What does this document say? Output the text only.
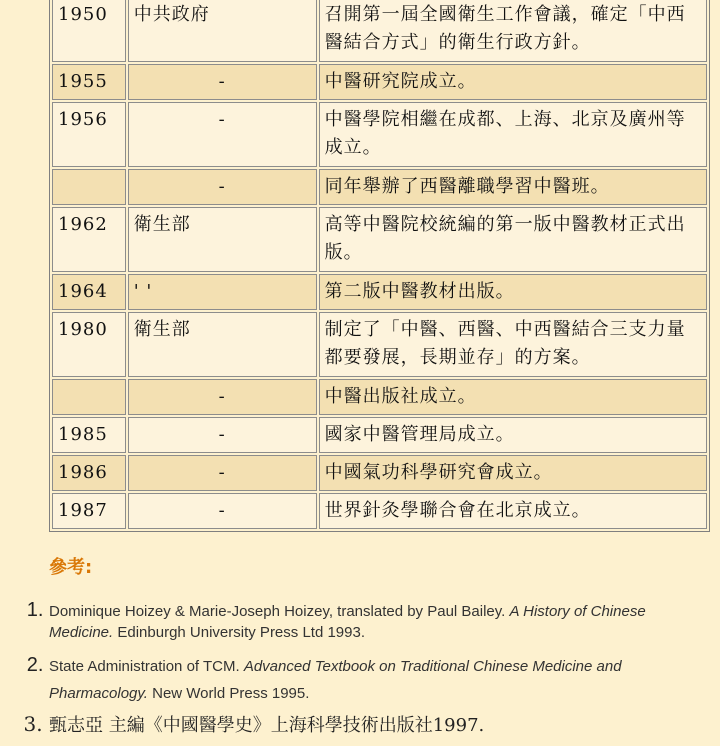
1950	中共政府	召開第一屆全國衛生工作會議，確定「中西醫結合方式」的衛生行政方針。
1955	-	中醫研究院成立。
1956	-	中醫學院相繼在成都、上海、北京及廣州等成立。
	-	同年舉辦了西醫離職學習中醫班。
1962	衛生部	高等中醫院校統編的第一版中醫教材正式出版。
1964	' '	第二版中醫教材出版。
1980	衛生部	制定了「中醫、西醫、中西醫結合三支力量都要發展，長期並存」的方案。
	-	中醫出版社成立。
1985	-	國家中醫管理局成立。
1986	-	中國氣功科學研究會成立。
1987	-	世界針灸學聯合會在北京成立。
參考:
1. Dominique Hoizey & Marie-Joseph Hoizey, translated by Paul Bailey. A History of Chinese Medicine. Edinburgh University Press Ltd 1993.
2. State Administration of TCM. Advanced Textbook on Traditional Chinese Medicine and Pharmacology. New World Press 1995.
3. 甄志亞 主編《中國醫學史》上海科學技術出版社1997.
